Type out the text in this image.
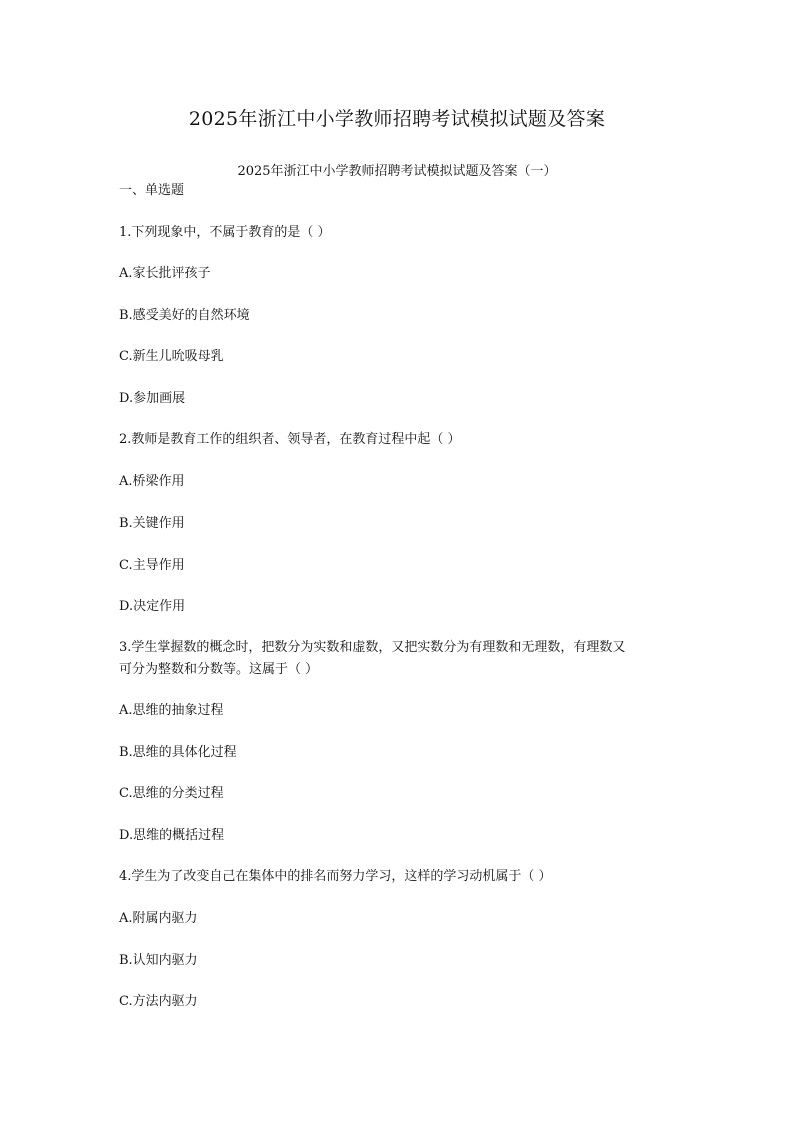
2025年浙江中小学教师招聘考试模拟试题及答案
2025年浙江中小学教师招聘考试模拟试题及答案（一）
一、单选题
1.下列现象中，不属于教育的是（ ）
A.家长批评孩子
B.感受美好的自然环境
C.新生儿吮吸母乳
D.参加画展
2.教师是教育工作的组织者、领导者，在教育过程中起（ ）
A.桥梁作用
B.关键作用
C.主导作用
D.决定作用
3.学生掌握数的概念时，把数分为实数和虚数，又把实数分为有理数和无理数，有理数又
可分为整数和分数等。这属于（ ）
A.思维的抽象过程
B.思维的具体化过程
C.思维的分类过程
D.思维的概括过程
4.学生为了改变自己在集体中的排名而努力学习，这样的学习动机属于（ ）
A.附属内驱力
B.认知内驱力
C.方法内驱力
